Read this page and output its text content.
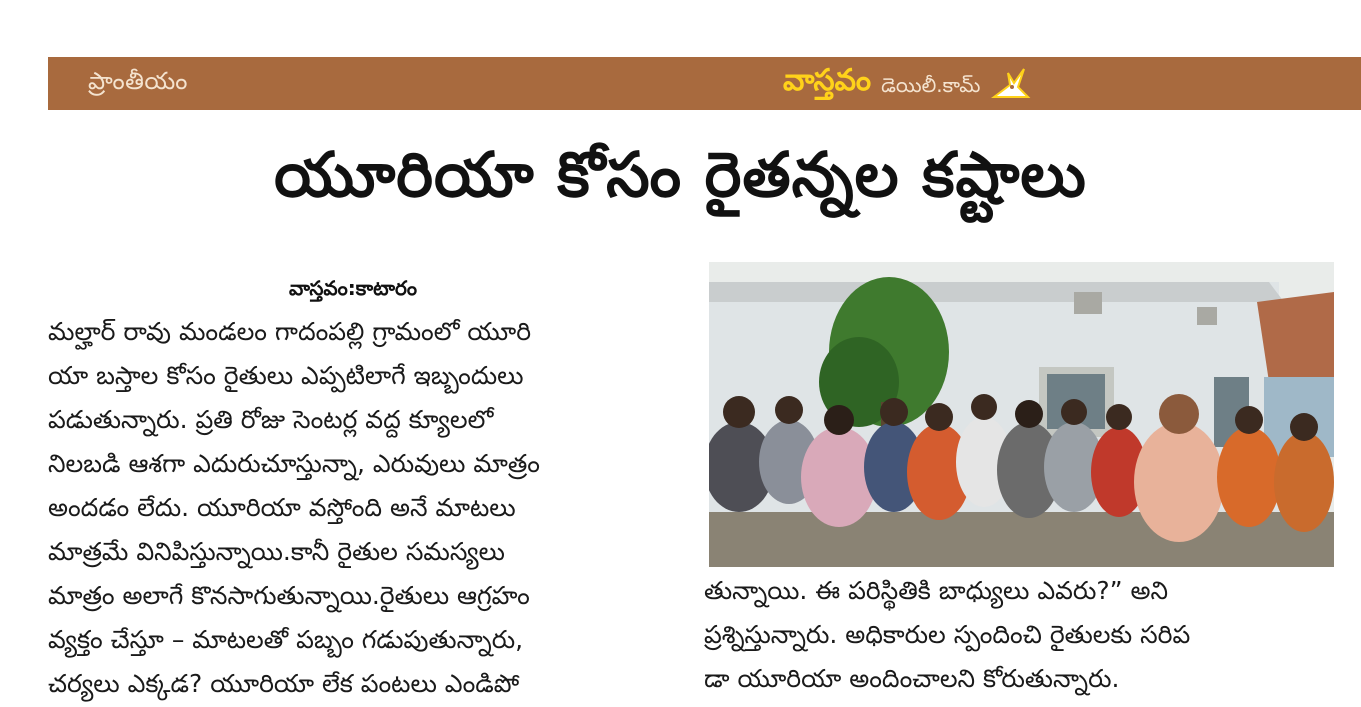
ప్రాంతీయం	వాస్తవం డెయిలీ.కామ్
యూరియా కోసం రైతన్నల కష్టాలు
వాస్తవం:కాటారం
మల్హార్ రావు మండలం గాదంపల్లి గ్రామంలో యూరి
యా బస్తాల కోసం రైతులు ఎప్పటిలాగే ఇబ్బందులు
పడుతున్నారు. ప్రతి రోజు సెంటర్ల వద్ద క్యూలలో
నిలబడి ఆశగా ఎదురుచూస్తున్నా, ఎరువులు మాత్రం
అందడం లేదు. యూరియా వస్తోంది అనే మాటలు
మాత్రమే వినిపిస్తున్నాయి.కానీ రైతుల సమస్యలు
మాత్రం అలాగే కొనసాగుతున్నాయి.రైతులు ఆగ్రహం
వ్యక్తం చేస్తూ – మాటలతో పబ్బం గడుపుతున్నారు,
చర్యలు ఎక్కడ? యూరియా లేక పంటలు ఎండిపో
తున్నాయి. ఈ పరిస్థితికి బాధ్యులు ఎవరు?” అని
ప్రశ్నిస్తున్నారు. అధికారుల స్పందించి రైతులకు సరిప
డా యూరియా అందించాలని కోరుతున్నారు.
